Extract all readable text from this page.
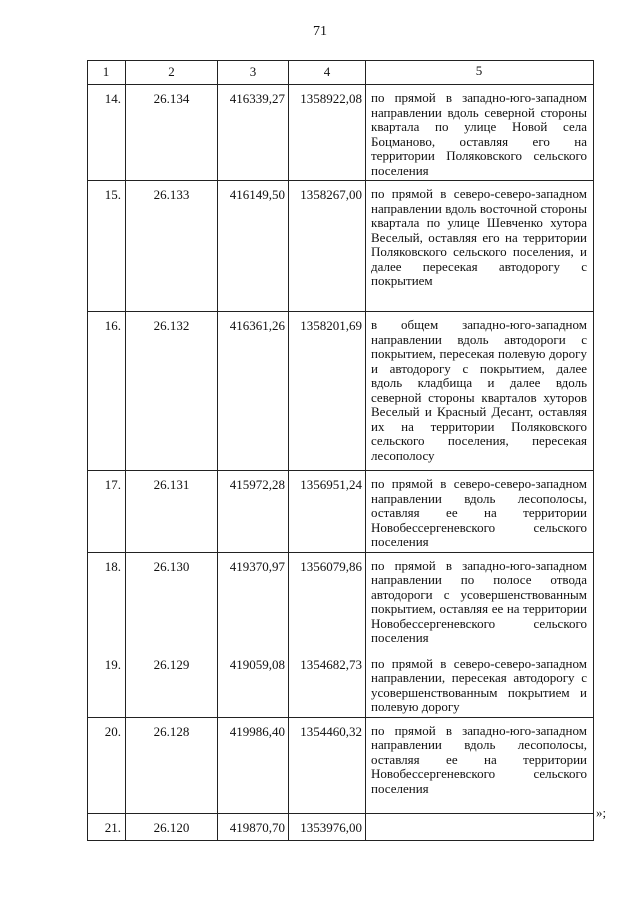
71
1	2	3	4	5
14.	26.134	416339,27	1358922,08	по прямой в западно-юго-западном направлении вдоль северной стороны квартала по улице Новой села Боцманово, оставляя его на территории Поляковского сельского поселения
15.	26.133	416149,50	1358267,00	по прямой в северо-северо-западном направлении вдоль восточной стороны квартала по улице Шевченко хутора Веселый, оставляя его на территории Поляковского сельского поселения, и далее пересекая автодорогу с покрытием
16.	26.132	416361,26	1358201,69	в общем западно-юго-западном направлении вдоль автодороги с покрытием, пересекая полевую дорогу и автодорогу с покрытием, далее вдоль кладбища и далее вдоль северной стороны кварталов хуторов Веселый и Красный Десант, оставляя их на территории Поляковского сельского поселения, пересекая лесополосу
17.	26.131	415972,28	1356951,24	по прямой в северо-северо-западном направлении вдоль лесополосы, оставляя ее на территории Новобессергеневского сельского поселения
18.	26.130	419370,97	1356079,86	по прямой в западно-юго-западном направлении по полосе отвода автодороги с усовершенствованным покрытием, оставляя ее на территории Новобессергеневского сельского поселения
19.	26.129	419059,08	1354682,73	по прямой в северо-северо-западном направлении, пересекая автодорогу с усовершенствованным покрытием и полевую дорогу
20.	26.128	419986,40	1354460,32	по прямой в западно-юго-западном направлении вдоль лесополосы, оставляя ее на территории Новобессергеневского сельского поселения
21.	26.120	419870,70	1353976,00	
»;
